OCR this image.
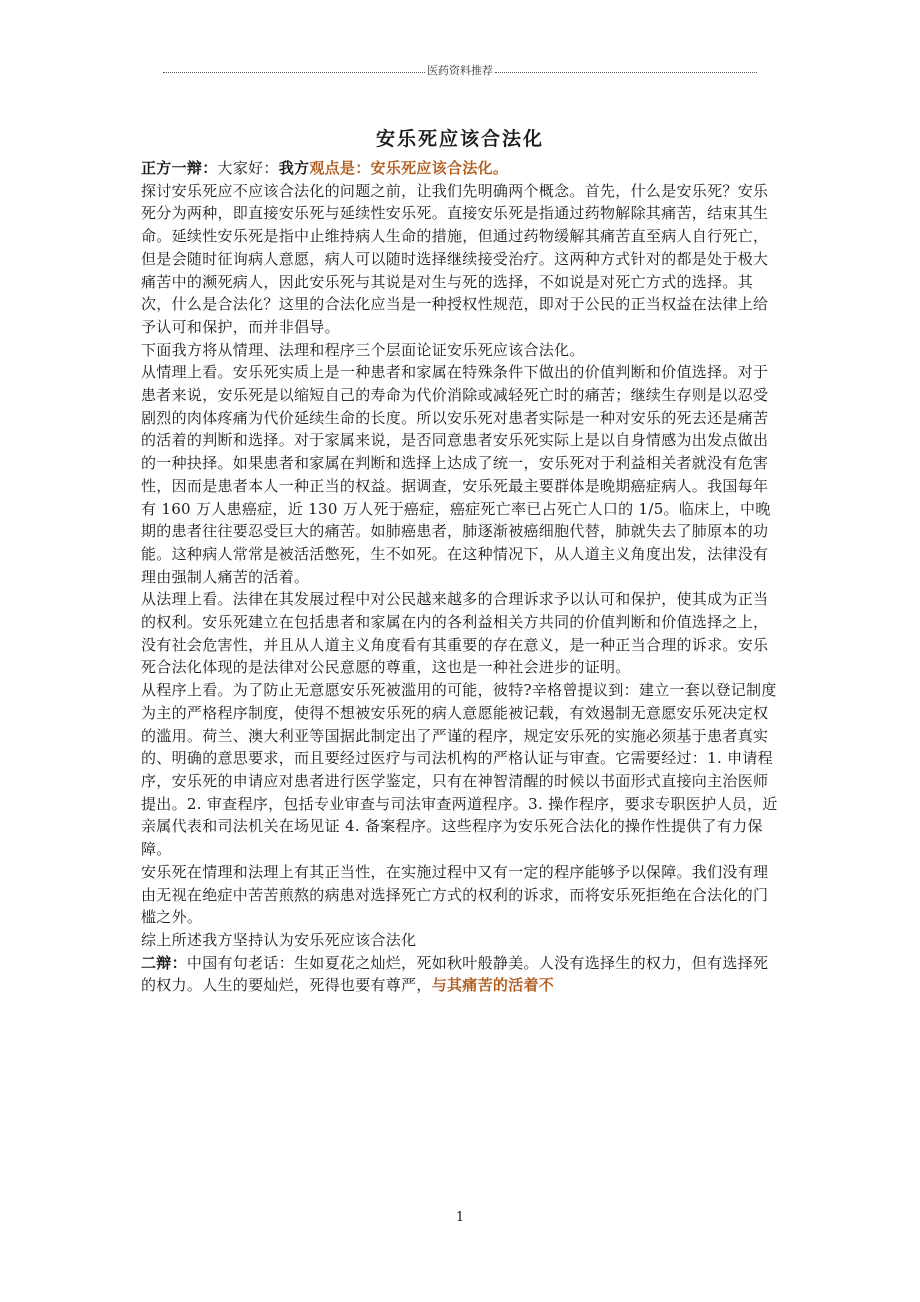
医药资料推荐
安乐死应该合法化

正方一辩：大家好：我方观点是：安乐死应该合法化。

探讨安乐死应不应该合法化的问题之前，让我们先明确两个概念。首先，什么是安乐死？安乐死分为两种，即直接安乐死与延续性安乐死。直接安乐死是指通过药物解除其痛苦，结束其生命。延续性安乐死是指中止维持病人生命的措施，但通过药物缓解其痛苦直至病人自行死亡，但是会随时征询病人意愿，病人可以随时选择继续接受治疗。这两种方式针对的都是处于极大痛苦中的濒死病人，因此安乐死与其说是对生与死的选择，不如说是对死亡方式的选择。其次，什么是合法化？这里的合法化应当是一种授权性规范，即对于公民的正当权益在法律上给予认可和保护，而并非倡导。

下面我方将从情理、法理和程序三个层面论证安乐死应该合法化。

从情理上看。安乐死实质上是一种患者和家属在特殊条件下做出的价值判断和价值选择。对于患者来说，安乐死是以缩短自己的寿命为代价消除或减轻死亡时的痛苦；继续生存则是以忍受剧烈的肉体疼痛为代价延续生命的长度。所以安乐死对患者实际是一种对安乐的死去还是痛苦的活着的判断和选择。对于家属来说，是否同意患者安乐死实际上是以自身情感为出发点做出的一种抉择。如果患者和家属在判断和选择上达成了统一，安乐死对于利益相关者就没有危害性，因而是患者本人一种正当的权益。据调查，安乐死最主要群体是晚期癌症病人。我国每年有 160 万人患癌症，近 130 万人死于癌症，癌症死亡率已占死亡人口的 1/5。临床上，中晚期的患者往往要忍受巨大的痛苦。如肺癌患者，肺逐渐被癌细胞代替，肺就失去了肺原本的功能。这种病人常常是被活活憋死，生不如死。在这种情况下，从人道主义角度出发，法律没有理由强制人痛苦的活着。

从法理上看。法律在其发展过程中对公民越来越多的合理诉求予以认可和保护，使其成为正当的权利。安乐死建立在包括患者和家属在内的各利益相关方共同的价值判断和价值选择之上，没有社会危害性，并且从人道主义角度看有其重要的存在意义，是一种正当合理的诉求。安乐死合法化体现的是法律对公民意愿的尊重，这也是一种社会进步的证明。

从程序上看。为了防止无意愿安乐死被滥用的可能，彼特?辛格曾提议到：建立一套以登记制度为主的严格程序制度，使得不想被安乐死的病人意愿能被记载，有效遏制无意愿安乐死决定权的滥用。荷兰、澳大利亚等国据此制定出了严谨的程序，规定安乐死的实施必须基于患者真实的、明确的意思要求，而且要经过医疗与司法机构的严格认证与审查。它需要经过：1. 申请程序，安乐死的申请应对患者进行医学鉴定，只有在神智清醒的时候以书面形式直接向主治医师提出。2. 审查程序，包括专业审查与司法审查两道程序。3. 操作程序，要求专职医护人员，近亲属代表和司法机关在场见证 4. 备案程序。这些程序为安乐死合法化的操作性提供了有力保障。

安乐死在情理和法理上有其正当性，在实施过程中又有一定的程序能够予以保障。我们没有理由无视在绝症中苦苦煎熬的病患对选择死亡方式的权利的诉求，而将安乐死拒绝在合法化的门槛之外。

综上所述我方坚持认为安乐死应该合法化

二辩：中国有句老话：生如夏花之灿烂，死如秋叶般静美。人没有选择生的权力，但有选择死的权力。人生的要灿烂，死得也要有尊严，与其痛苦的活着不

1
